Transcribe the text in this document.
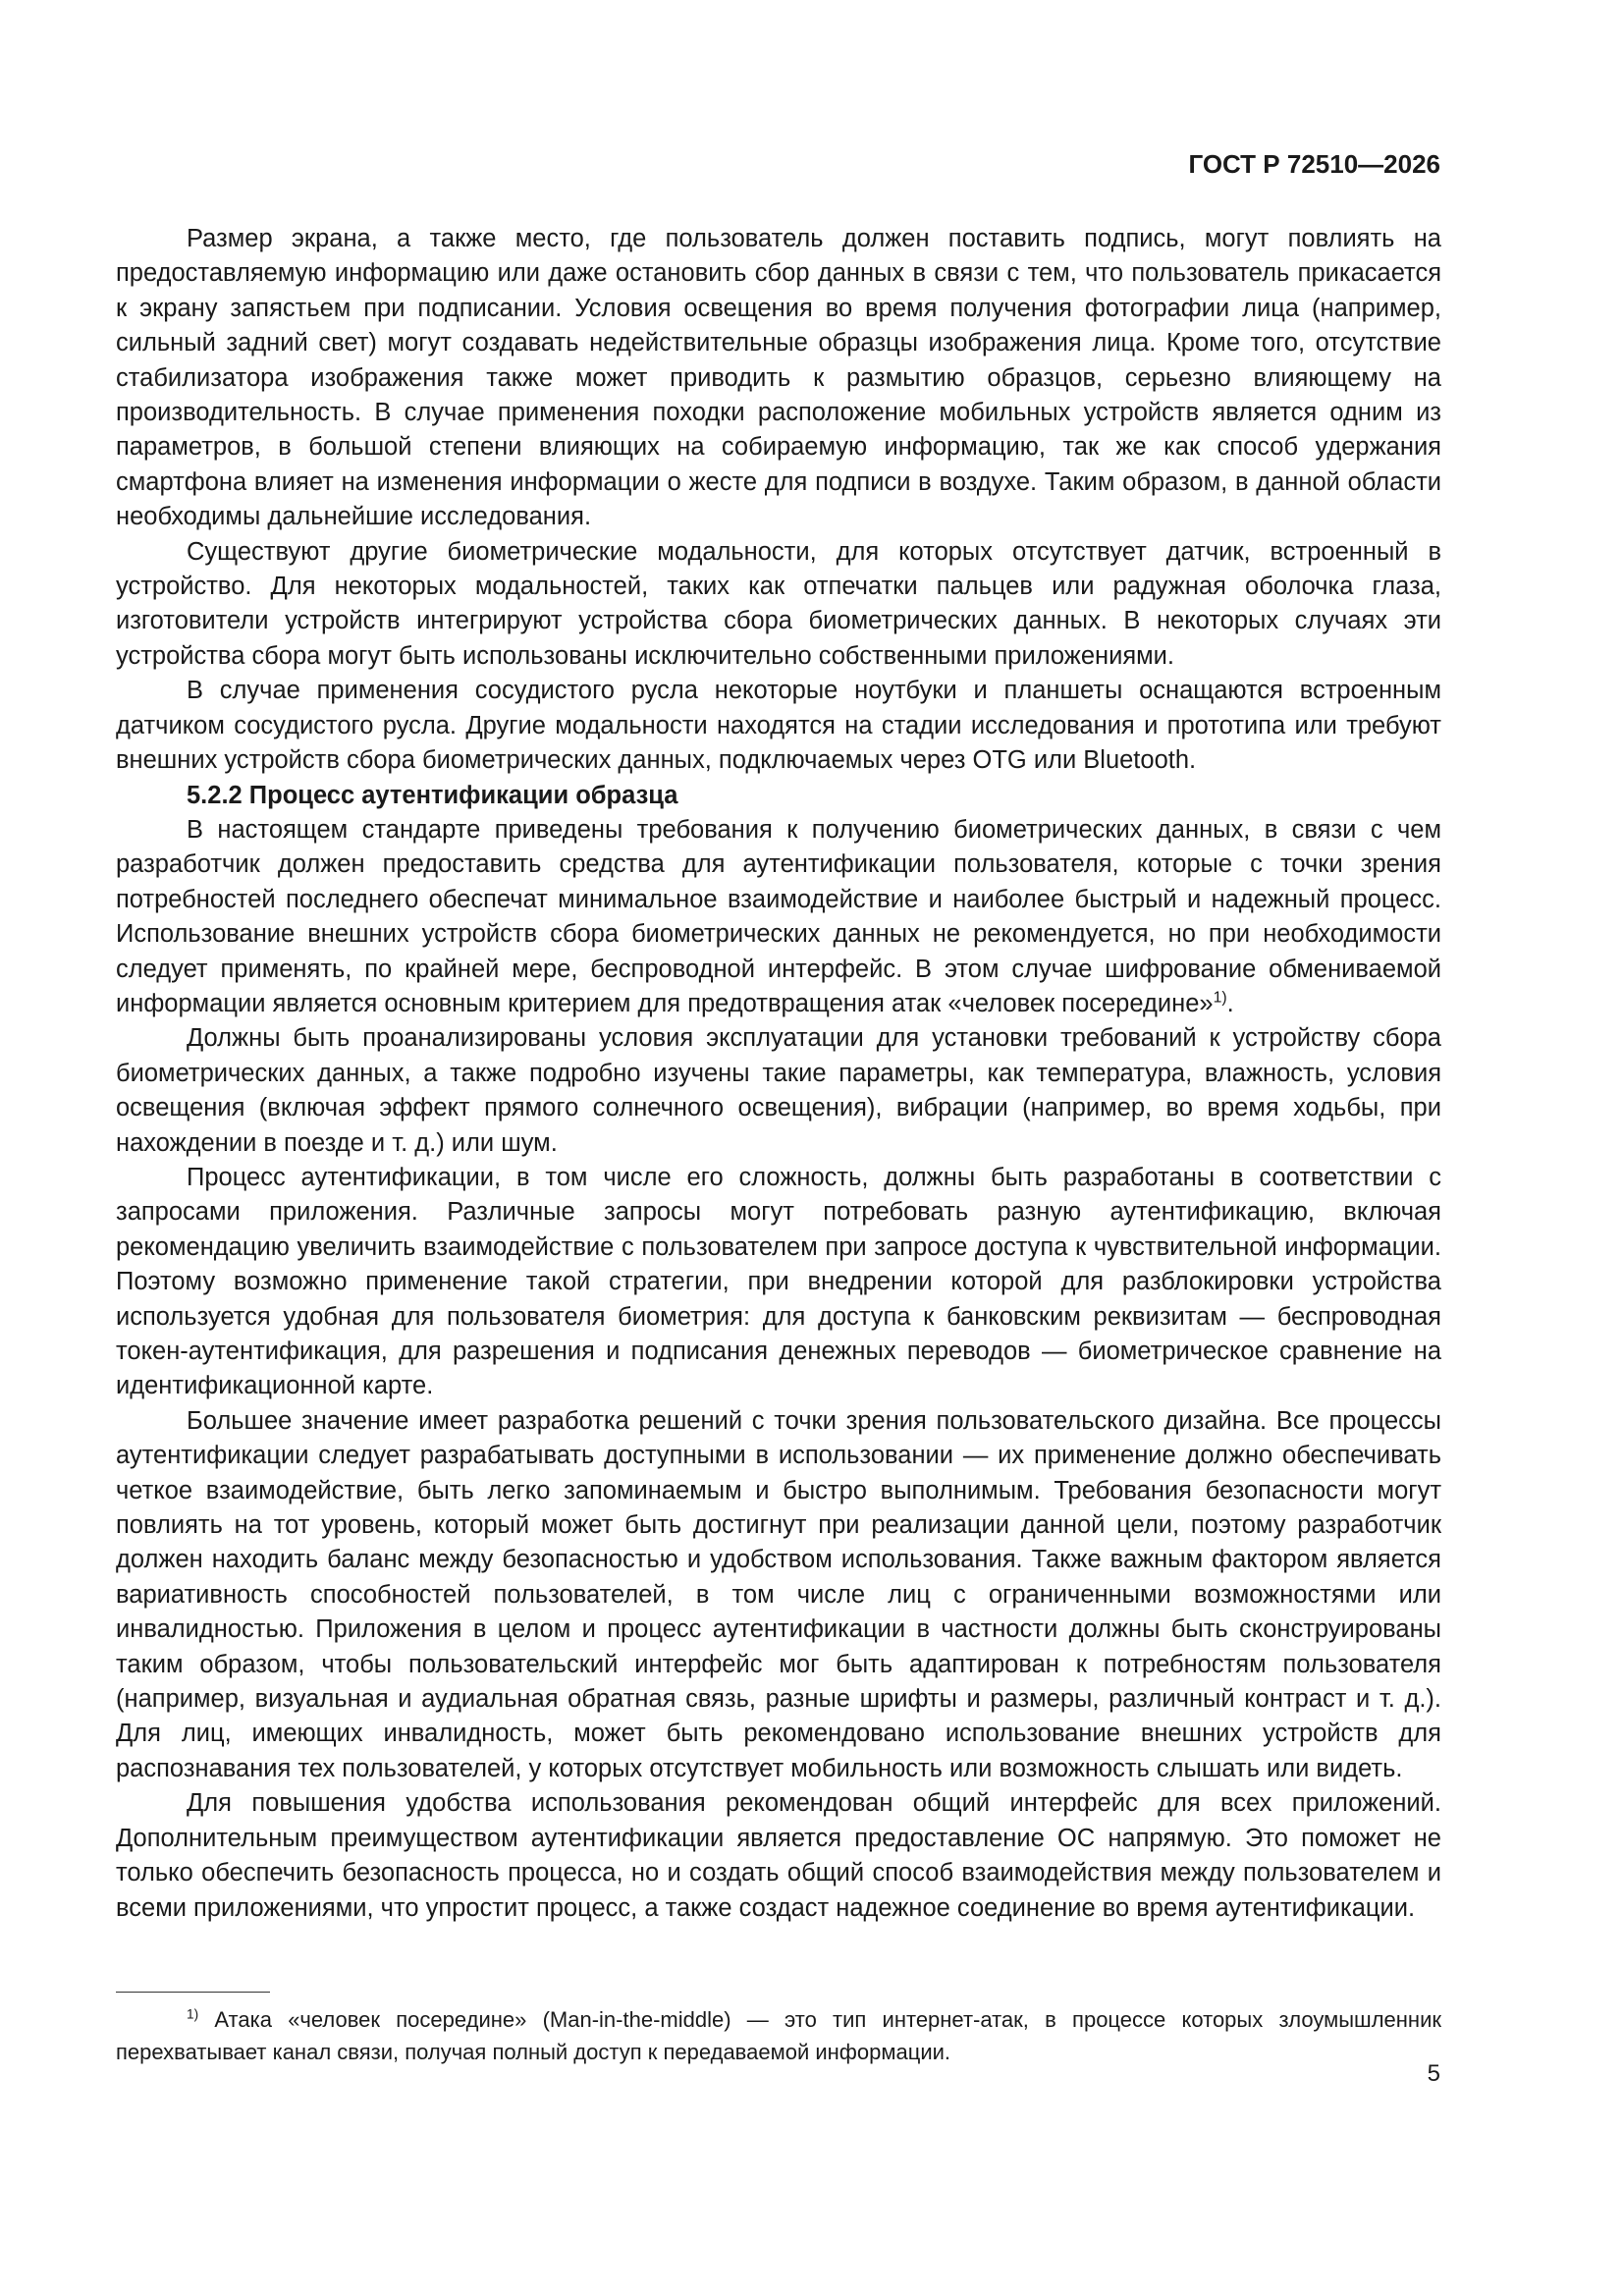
ГОСТ Р 72510—2026

Размер экрана, а также место, где пользователь должен поставить подпись, могут повлиять на предоставляемую информацию или даже остановить сбор данных в связи с тем, что пользователь прикасается к экрану запястьем при подписании. Условия освещения во время получения фотографии лица (например, сильный задний свет) могут создавать недействительные образцы изображения лица. Кроме того, отсутствие стабилизатора изображения также может приводить к размытию образцов, серьезно влияющему на производительность. В случае применения походки расположение мобильных устройств является одним из параметров, в большой степени влияющих на собираемую информацию, так же как способ удержания смартфона влияет на изменения информации о жесте для подписи в воздухе. Таким образом, в данной области необходимы дальнейшие исследования.

Существуют другие биометрические модальности, для которых отсутствует датчик, встроенный в устройство. Для некоторых модальностей, таких как отпечатки пальцев или радужная оболочка глаза, изготовители устройств интегрируют устройства сбора биометрических данных. В некоторых случаях эти устройства сбора могут быть использованы исключительно собственными приложениями.

В случае применения сосудистого русла некоторые ноутбуки и планшеты оснащаются встроенным датчиком сосудистого русла. Другие модальности находятся на стадии исследования и прототипа или требуют внешних устройств сбора биометрических данных, подключаемых через OTG или Bluetooth.

5.2.2 Процесс аутентификации образца

В настоящем стандарте приведены требования к получению биометрических данных, в связи с чем разработчик должен предоставить средства для аутентификации пользователя, которые с точки зрения потребностей последнего обеспечат минимальное взаимодействие и наиболее быстрый и надежный процесс. Использование внешних устройств сбора биометрических данных не рекомендуется, но при необходимости следует применять, по крайней мере, беспроводной интерфейс. В этом случае шифрование обмениваемой информации является основным критерием для предотвращения атак «человек посередине»$^{1)}$.

Должны быть проанализированы условия эксплуатации для установки требований к устройству сбора биометрических данных, а также подробно изучены такие параметры, как температура, влажность, условия освещения (включая эффект прямого солнечного освещения), вибрации (например, во время ходьбы, при нахождении в поезде и т. д.) или шум.

Процесс аутентификации, в том числе его сложность, должны быть разработаны в соответствии с запросами приложения. Различные запросы могут потребовать разную аутентификацию, включая рекомендацию увеличить взаимодействие с пользователем при запросе доступа к чувствительной информации. Поэтому возможно применение такой стратегии, при внедрении которой для разблокировки устройства используется удобная для пользователя биометрия: для доступа к банковским реквизитам — беспроводная токен-аутентификация, для разрешения и подписания денежных переводов — биометрическое сравнение на идентификационной карте.

Большее значение имеет разработка решений с точки зрения пользовательского дизайна. Все процессы аутентификации следует разрабатывать доступными в использовании — их применение должно обеспечивать четкое взаимодействие, быть легко запоминаемым и быстро выполнимым. Требования безопасности могут повлиять на тот уровень, который может быть достигнут при реализации данной цели, поэтому разработчик должен находить баланс между безопасностью и удобством использования. Также важным фактором является вариативность способностей пользователей, в том числе лиц с ограниченными возможностями или инвалидностью. Приложения в целом и процесс аутентификации в частности должны быть сконструированы таким образом, чтобы пользовательский интерфейс мог быть адаптирован к потребностям пользователя (например, визуальная и аудиальная обратная связь, разные шрифты и размеры, различный контраст и т. д.). Для лиц, имеющих инвалидность, может быть рекомендовано использование внешних устройств для распознавания тех пользователей, у которых отсутствует мобильность или возможность слышать или видеть.

Для повышения удобства использования рекомендован общий интерфейс для всех приложений. Дополнительным преимуществом аутентификации является предоставление ОС напрямую. Это поможет не только обеспечить безопасность процесса, но и создать общий способ взаимодействия между пользователем и всеми приложениями, что упростит процесс, а также создаст надежное соединение во время аутентификации.

$^{1)}$ Атака «человек посередине» (Man-in-the-middle) — это тип интернет-атак, в процессе которых злоумышленник перехватывает канал связи, получая полный доступ к передаваемой информации.

5
